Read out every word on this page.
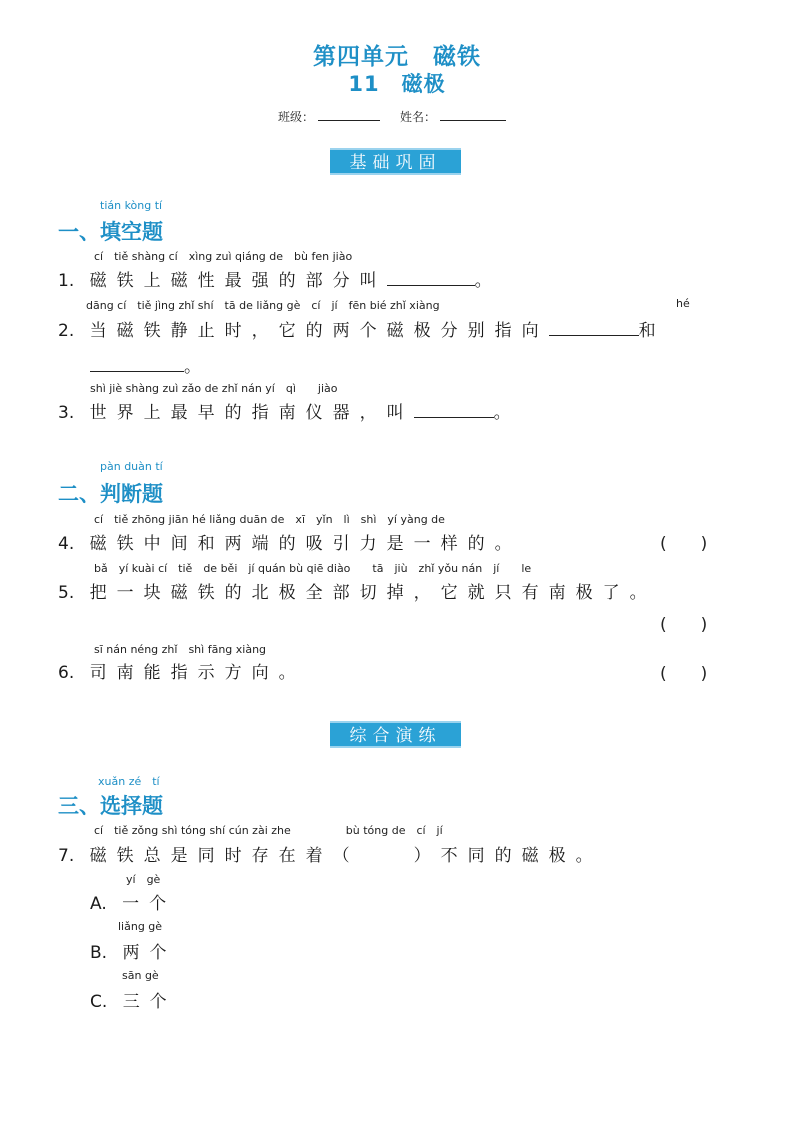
第四单元　磁铁
11　磁极
班级：	姓名：
基础巩固
tián kòng tí
一、填空题
cí　tiě shàng cí　xìng zuì qiáng de　bù fen jiào
1. 磁铁上磁性最强的部分叫	。
dāng cí　tiě jìng zhǐ shí　tā de liǎng gè　cí　jí　fēn bié zhǐ xiàng	hé
2. 当磁铁静止时，它的两个磁极分别指向	和
。
shì jiè shàng zuì zǎo de zhǐ nán yí　qì　　jiào
3. 世界上最早的指南仪器，叫	。
pàn duàn tí
二、判断题
cí　tiě zhōng jiān hé liǎng duān de　xī　yǐn　lì　shì　yí yàng de
4. 磁铁中间和两端的吸引力是一样的。	(　　)
bǎ　yí kuài cí　tiě　de běi　jí quán bù qiē diào　　tā　jiù　zhǐ yǒu nán　jí　　le
5. 把一块磁铁的北极全部切掉，它就只有南极了。
(　　)
sī nán néng zhǐ　shì fāng xiàng
6. 司南能指示方向。	(　　)
综合演练
xuǎn zé　tí
三、选择题
cí　tiě zǒng shì tóng shí cún zài zhe　　　　　bù tóng de　cí　jí
7. 磁铁总是同时存在着（　　）不同的磁极。
yí　gè
A. 一个
liǎng gè
B. 两个
sān gè
C. 三个
